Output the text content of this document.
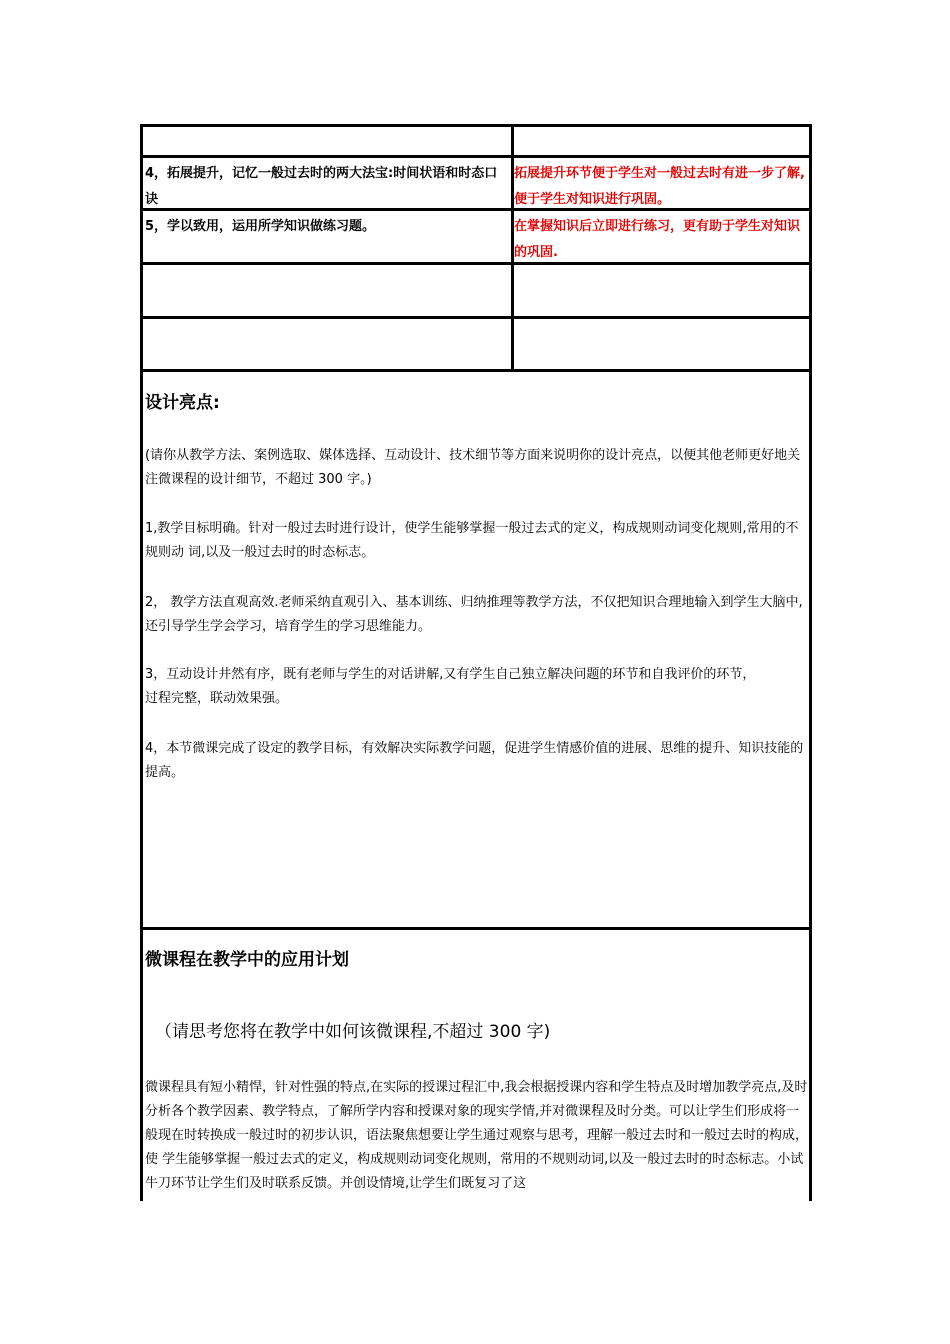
4，拓展提升，记忆一般过去时的两大法宝:时间状语和时态口诀
拓展提升环节便于学生对一般过去时有进一步了解,便于学生对知识进行巩固。
5，学以致用，运用所学知识做练习题。	在掌握知识后立即进行练习，更有助于学生对知识的巩固.
设计亮点:

(请你从教学方法、案例选取、媒体选择、互动设计、技术细节等方面来说明你的设计亮点，以便其他老师更好地关注微课程的设计细节，不超过 300 字。)

1,教学目标明确。针对一般过去时进行设计，使学生能够掌握一般过去式的定义，构成规则动词变化规则,常用的不规则动 词,以及一般过去时的时态标志。

2， 教学方法直观高效.老师采纳直观引入、基本训练、归纳推理等教学方法，不仅把知识合理地输入到学生大脑中,还引导学生学会学习，培育学生的学习思维能力。

3，互动设计井然有序，既有老师与学生的对话讲解,又有学生自己独立解决问题的环节和自我评价的环节，过程完整，联动效果强。

4，本节微课完成了设定的教学目标，有效解决实际教学问题，促进学生情感价值的进展、思维的提升、知识技能的提高。

微课程在教学中的应用计划
（请思考您将在教学中如何该微课程,不超过 300 字)

微课程具有短小精悍，针对性强的特点,在实际的授课过程汇中,我会根据授课内容和学生特点及时增加教学亮点,及时分析各个教学因素、教学特点，了解所学内容和授课对象的现实学情,并对微课程及时分类。可以让学生们形成将一般现在时转换成一般过时的初步认识，语法聚焦想要让学生通过观察与思考，理解一般过去时和一般过去时的构成，使 学生能够掌握一般过去式的定义，构成规则动词变化规则，常用的不规则动词,以及一般过去时的时态标志。小试牛刀环节让学生们及时联系反馈。并创设情境,让学生们既复习了这
